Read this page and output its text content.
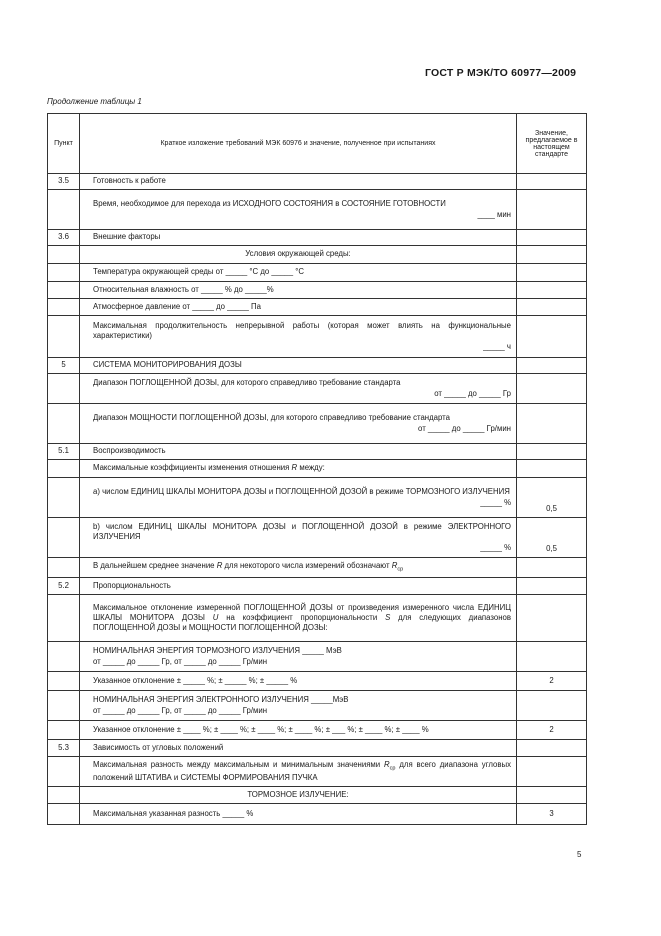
ГОСТ Р МЭК/ТО 60977—2009
Продолжение таблицы 1
Пункт	Краткое изложение требований МЭК 60976 и значение, полученное при испытаниях	Значение, предлагаемое в настоящем стандарте
3.5	Готовность к работе	

	Время, необходимое для перехода из ИСХОДНОГО СОСТОЯНИЯ в СОСТОЯНИЕ ГОТОВНОСТИ
____ мин	

3.6	Внешние факторы	
	Условия окружающей среды:	
	Температура окружающей среды от _____ °С до _____ °С	
	Относительная влажность от _____ % до _____%	
	Атмосферное давление от _____ до _____ Па	

	Максимальная продолжительность непрерывной работы (которая может влиять на функциональные характеристики)
_____ ч	

5	СИСТЕМА МОНИТОРИРОВАНИЯ ДОЗЫ	

	Диапазон ПОГЛОЩЕННОЙ ДОЗЫ, для которого справедливо требование стандарта
от _____ до _____ Гр	

	Диапазон МОЩНОСТИ ПОГЛОЩЕННОЙ ДОЗЫ, для которого справедливо требование стандарта
от _____ до _____ Гр/мин	

5.1	Воспроизводимость	
	Максимальные коэффициенты изменения отношения R между:	

	а) числом ЕДИНИЦ ШКАЛЫ МОНИТОРА ДОЗЫ и ПОГЛОЩЕННОЙ ДОЗОЙ в режиме ТОРМОЗНОГО ИЗЛУЧЕНИЯ
_____ %	0,5

	b) числом ЕДИНИЦ ШКАЛЫ МОНИТОРА ДОЗЫ и ПОГЛОЩЕННОЙ ДОЗОЙ в режиме ЭЛЕКТРОННОГО ИЗЛУЧЕНИЯ
_____ %	0,5
	В дальнейшем среднее значение R для некоторого числа измерений обозначают $R_{ср}$	
5.2	Пропорциональность	
	Максимальное отклонение измеренной ПОГЛОЩЕННОЙ ДОЗЫ от произведения измеренного числа ЕДИНИЦ ШКАЛЫ МОНИТОРА ДОЗЫ U на коэффициент пропорциональности S для следующих диапазонов ПОГЛОЩЕННОЙ ДОЗЫ и МОЩНОСТИ ПОГЛОЩЕННОЙ ДОЗЫ:	

	НОМИНАЛЬНАЯ ЭНЕРГИЯ ТОРМОЗНОГО ИЗЛУЧЕНИЯ _____ МэВ
от _____ до _____ Гр, от _____ до _____ Гр/мин	

	Указанное отклонение ± _____ %; ± _____ %; ± _____ %	2

	НОМИНАЛЬНАЯ ЭНЕРГИЯ ЭЛЕКТРОННОГО ИЗЛУЧЕНИЯ _____МэВ
от _____ до _____ Гр, от _____ до _____ Гр/мин	

	Указанное отклонение ± ____ %; ± ____ %; ± ____ %; ± ____ %; ± ___ %; ± ____ %; ± ____ %	2
5.3	Зависимость от угловых положений	
	Максимальная разность между максимальным и минимальным значениями $R_{ср}$ для всего диапазона угловых положений ШТАТИВА и СИСТЕМЫ ФОРМИРОВАНИЯ ПУЧКА	
	ТОРМОЗНОЕ ИЗЛУЧЕНИЕ:	
	Максимальная указанная разность _____ %	3
5
